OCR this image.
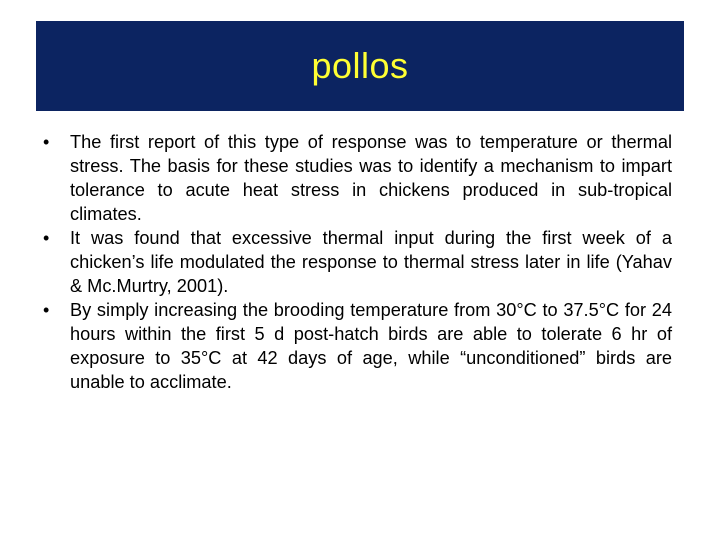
pollos
• The first report of this type of response was to temperature or thermal stress. The basis for these studies was to identify a mechanism to impart tolerance to acute heat stress in chickens produced in sub-tropical climates.
• It was found that excessive thermal input during the first week of a chicken’s life modulated the response to thermal stress later in life (Yahav & Mc.Murtry, 2001).
• By simply increasing the brooding temperature from 30°C to 37.5°C for 24 hours within the first 5 d post-hatch birds are able to tolerate 6 hr of exposure to 35°C at 42 days of age, while “unconditioned” birds are unable to acclimate.
